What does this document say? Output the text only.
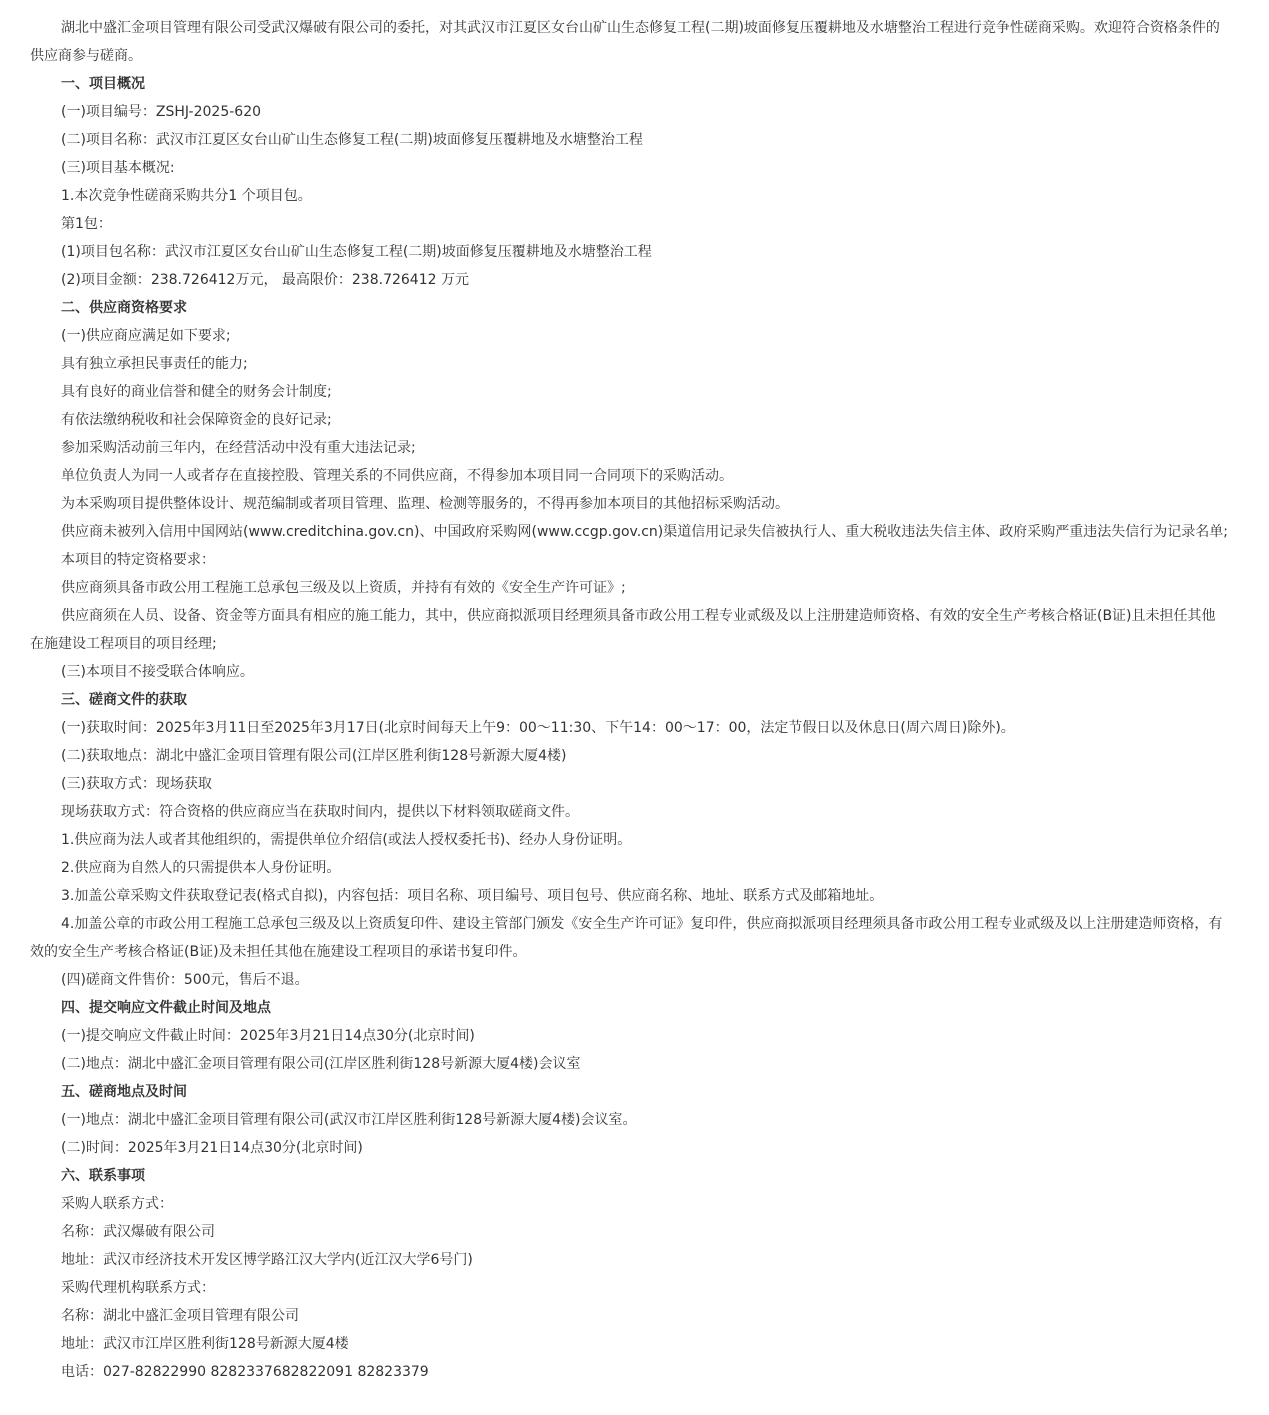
湖北中盛汇金项目管理有限公司受武汉爆破有限公司的委托，对其武汉市江夏区女台山矿山生态修复工程(二期)坡面修复压覆耕地及水塘整治工程进行竞争性磋商采购。欢迎符合资格条件的供应商参与磋商。

一、项目概况

(一)项目编号：ZSHJ-2025-620

(二)项目名称：武汉市江夏区女台山矿山生态修复工程(二期)坡面修复压覆耕地及水塘整治工程

(三)项目基本概况:

1.本次竞争性磋商采购共分1 个项目包。

第1包：

(1)项目包名称：武汉市江夏区女台山矿山生态修复工程(二期)坡面修复压覆耕地及水塘整治工程

(2)项目金额：238.726412万元， 最高限价：238.726412 万元

二、供应商资格要求

(一)供应商应满足如下要求;

具有独立承担民事责任的能力;

具有良好的商业信誉和健全的财务会计制度;

有依法缴纳税收和社会保障资金的良好记录;

参加采购活动前三年内，在经营活动中没有重大违法记录;

单位负责人为同一人或者存在直接控股、管理关系的不同供应商，不得参加本项目同一合同项下的采购活动。

为本采购项目提供整体设计、规范编制或者项目管理、监理、检测等服务的，不得再参加本项目的其他招标采购活动。

供应商未被列入信用中国网站(www.creditchina.gov.cn)、中国政府采购网(www.ccgp.gov.cn)渠道信用记录失信被执行人、重大税收违法失信主体、政府采购严重违法失信行为记录名单;

本项目的特定资格要求：

供应商须具备市政公用工程施工总承包三级及以上资质，并持有有效的《安全生产许可证》;

供应商须在人员、设备、资金等方面具有相应的施工能力，其中，供应商拟派项目经理须具备市政公用工程专业贰级及以上注册建造师资格、有效的安全生产考核合格证(B证)且未担任其他在施建设工程项目的项目经理;

(三)本项目不接受联合体响应。

三、磋商文件的获取

(一)获取时间：2025年3月11日至2025年3月17日(北京时间每天上午9：00～11:30、下午14：00～17：00，法定节假日以及休息日(周六周日)除外)。

(二)获取地点：湖北中盛汇金项目管理有限公司(江岸区胜利街128号新源大厦4楼)

(三)获取方式：现场获取

现场获取方式：符合资格的供应商应当在获取时间内，提供以下材料领取磋商文件。

1.供应商为法人或者其他组织的，需提供单位介绍信(或法人授权委托书)、经办人身份证明。

2.供应商为自然人的只需提供本人身份证明。

3.加盖公章采购文件获取登记表(格式自拟)，内容包括：项目名称、项目编号、项目包号、供应商名称、地址、联系方式及邮箱地址。

4.加盖公章的市政公用工程施工总承包三级及以上资质复印件、建设主管部门颁发《安全生产许可证》复印件，供应商拟派项目经理须具备市政公用工程专业贰级及以上注册建造师资格，有效的安全生产考核合格证(B证)及未担任其他在施建设工程项目的承诺书复印件。

(四)磋商文件售价：500元，售后不退。

四、提交响应文件截止时间及地点

(一)提交响应文件截止时间：2025年3月21日14点30分(北京时间)

(二)地点：湖北中盛汇金项目管理有限公司(江岸区胜利街128号新源大厦4楼)会议室

五、磋商地点及时间

(一)地点：湖北中盛汇金项目管理有限公司(武汉市江岸区胜利街128号新源大厦4楼)会议室。

(二)时间：2025年3月21日14点30分(北京时间)

六、联系事项

采购人联系方式：

名称：武汉爆破有限公司

地址：武汉市经济技术开发区博学路江汉大学内(近江汉大学6号门)

采购代理机构联系方式：

名称：湖北中盛汇金项目管理有限公司

地址：武汉市江岸区胜利街128号新源大厦4楼

电话：027-82822990 8282337682822091 82823379
